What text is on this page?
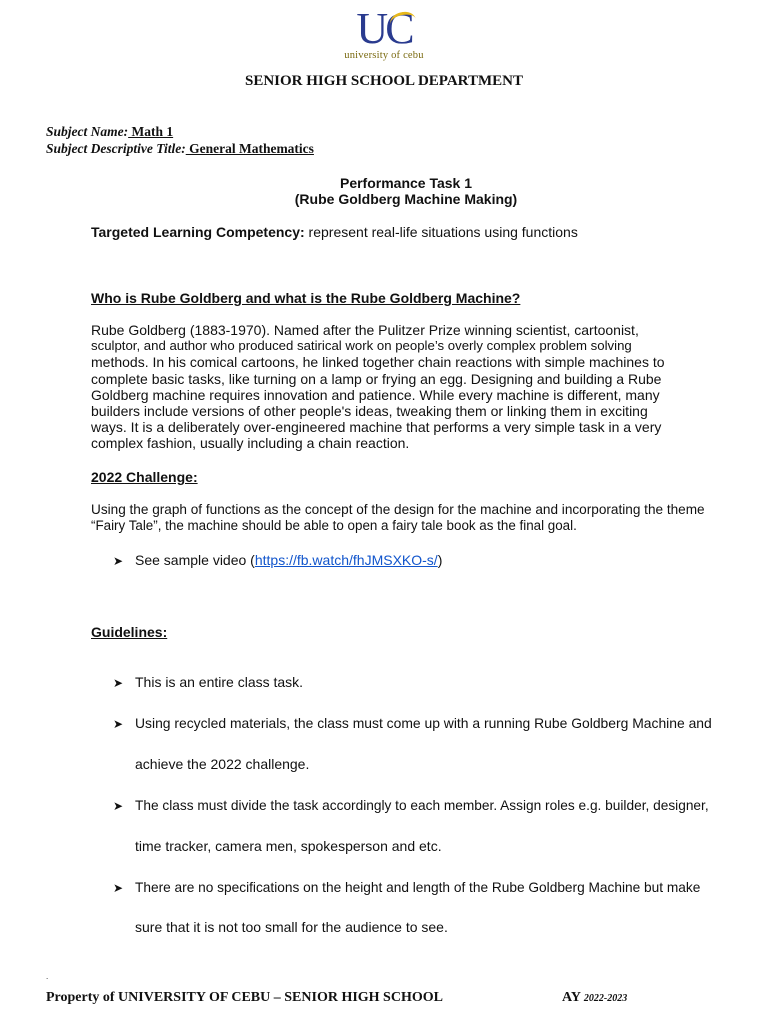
UC
university of cebu
SENIOR HIGH SCHOOL DEPARTMENT
Subject Name: Math 1
Subject Descriptive Title: General Mathematics
Performance Task 1
(Rube Goldberg Machine Making)
Targeted Learning Competency: represent real-life situations using functions
Who is Rube Goldberg and what is the Rube Goldberg Machine?
Rube Goldberg (1883-1970). Named after the Pulitzer Prize winning scientist, cartoonist,
sculptor, and author who produced satirical work on people’s overly complex problem solving
methods. In his comical cartoons, he linked together chain reactions with simple machines to
complete basic tasks, like turning on a lamp or frying an egg. Designing and building a Rube
Goldberg machine requires innovation and patience. While every machine is different, many
builders include versions of other people's ideas, tweaking them or linking them in exciting
ways. It is a deliberately over-engineered machine that performs a very simple task in a very
complex fashion, usually including a chain reaction.
2022 Challenge:
Using the graph of functions as the concept of the design for the machine and incorporating the theme
“Fairy Tale”, the machine should be able to open a fairy tale book as the final goal.
➤ See sample video (https://fb.watch/fhJMSXKO-s/)
Guidelines:
➤ This is an entire class task.
➤ Using recycled materials, the class must come up with a running Rube Goldberg Machine and
achieve the 2022 challenge.
➤ The class must divide the task accordingly to each member. Assign roles e.g. builder, designer,
time tracker, camera men, spokesperson and etc.
➤ There are no specifications on the height and length of the Rube Goldberg Machine but make
sure that it is not too small for the audience to see.
.
Property of UNIVERSITY OF CEBU – SENIOR HIGH SCHOOL	AY 2022-2023
